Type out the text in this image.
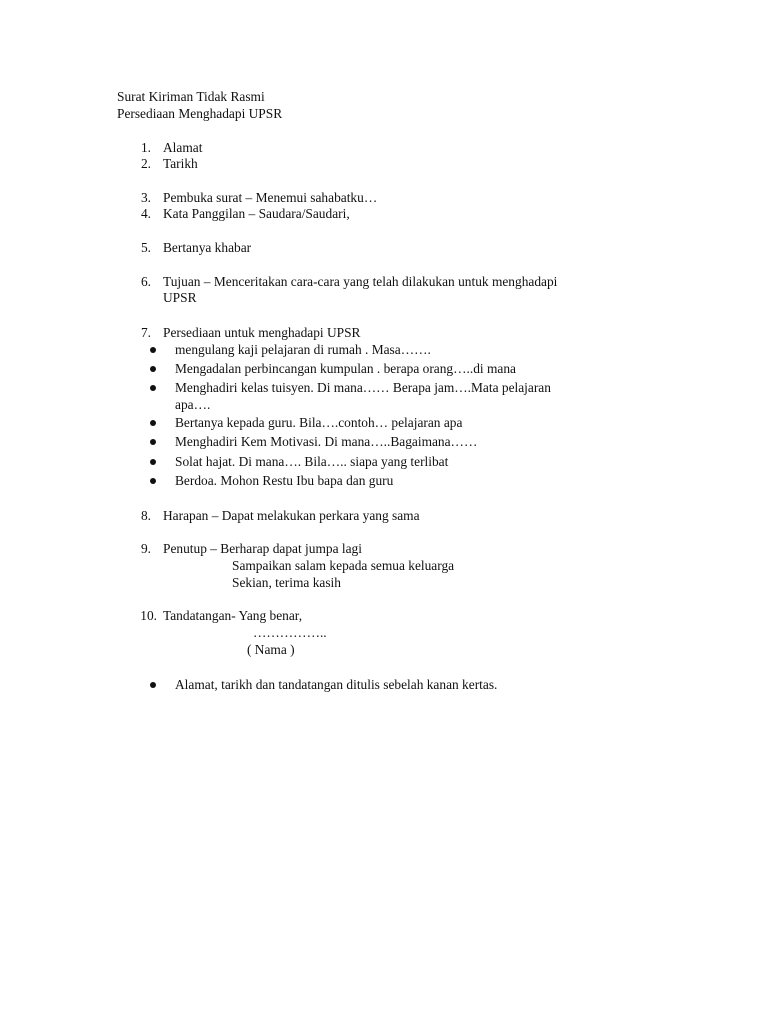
Surat Kiriman Tidak Rasmi
Persediaan Menghadapi UPSR
1. Alamat
2. Tarikh
3. Pembuka surat – Menemui sahabatku…
4. Kata Panggilan – Saudara/Saudari,
5. Bertanya khabar
6. Tujuan – Menceritakan cara-cara yang telah dilakukan untuk menghadapi
UPSR
7. Persediaan untuk menghadapi UPSR
mengulang kaji pelajaran di rumah . Masa…….
Mengadalan perbincangan kumpulan . berapa orang…..di mana
Menghadiri kelas tuisyen. Di mana…… Berapa jam….Mata pelajaran
apa….
Bertanya kepada guru. Bila….contoh… pelajaran apa
Menghadiri Kem Motivasi. Di mana…..Bagaimana……
Solat hajat. Di mana…. Bila….. siapa yang terlibat
Berdoa. Mohon Restu Ibu bapa dan guru
8. Harapan – Dapat melakukan perkara yang sama
9. Penutup – Berharap dapat jumpa lagi
Sampaikan salam kepada semua keluarga
Sekian, terima kasih
10. Tandatangan- Yang benar,
……………..
( Nama )
Alamat, tarikh dan tandatangan ditulis sebelah kanan kertas.
